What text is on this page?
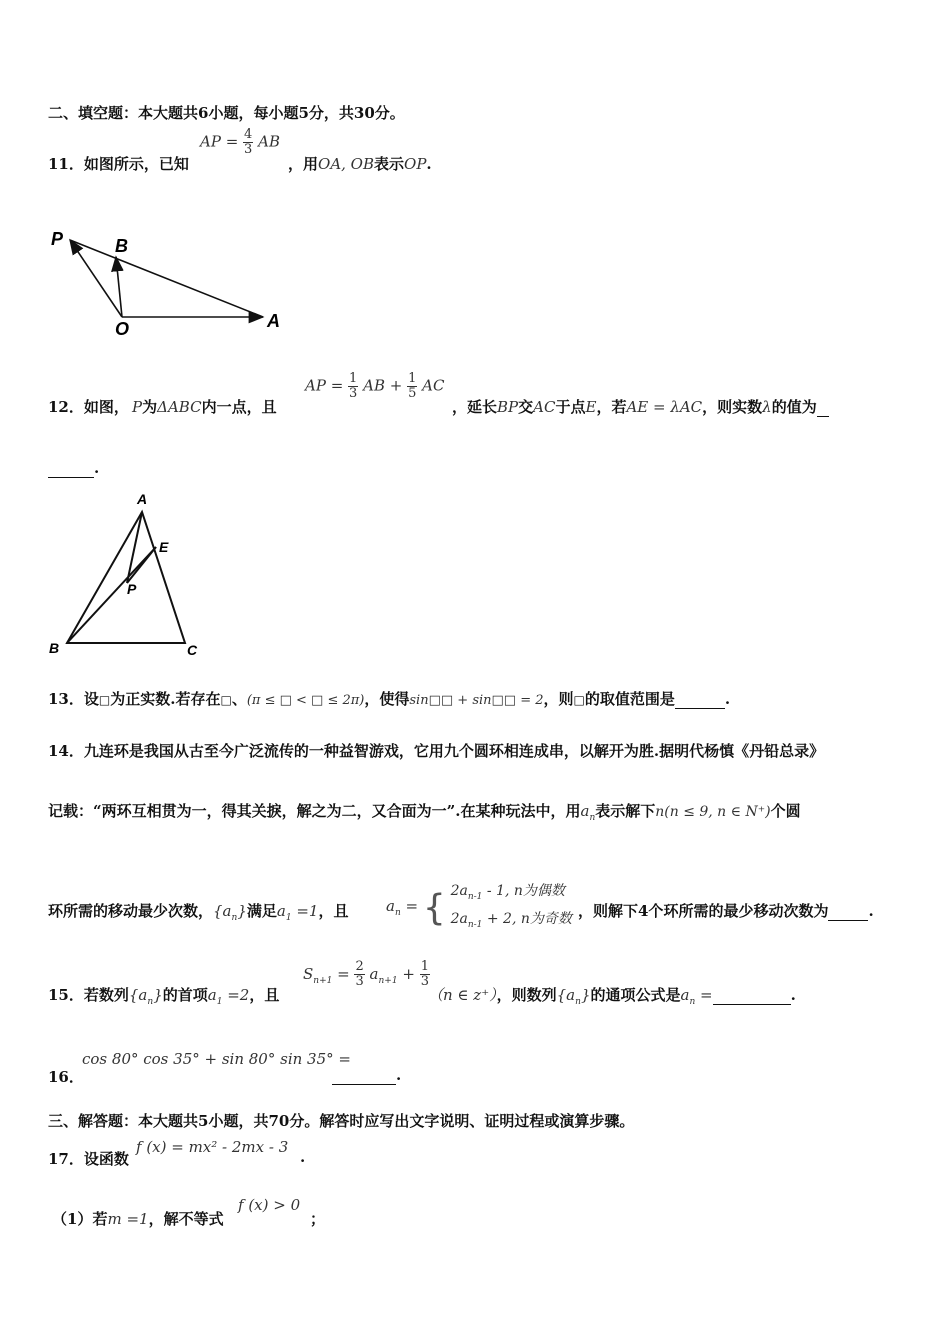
二、填空题：本大题共6小题，每小题5分，共30分。
11．如图所示，已知
AP = $\frac{4}{3}$ AB
，用OA, OB表示OP.
P	B
O	A
12．如图， P为ΔABC内一点，且
AP = $\frac{1}{3}$ AB + $\frac{1}{5}$ AC
，延长BP交AC于点E，若AE = λAC，则实数λ的值为
.
A
E
P
B	C
13．设□为正实数.若存在□、(π ≤ □ < □ ≤ 2π)，使得sin□□ + sin□□ = 2，则□的取值范围是	.
14．九连环是我国从古至今广泛流传的一种益智游戏，它用九个圆环相连成串，以解开为胜.据明代杨慎《丹铅总录》
记载：“两环互相贯为一，得其关捩，解之为二，又合面为一”.在某种玩法中，用$a_n$表示解下n(n ≤ 9, n ∈ N⁺)个圆
环所需的移动最少次数，$\{a_n\}$满足$a_1 =1$，且	$a_n$ = { $2a_{n-1} - 1$, n为偶数
$2a_{n-1} + 2$, n为奇数 ，则解下4个环所需的最少移动次数为	.
15．若数列$\{a_n\}$的首项$a_1 =2$，且
$S_{n+1} = \frac{2}{3} a_{n+1} + \frac{1}{3}$
（n ∈ z⁺），则数列$\{a_n\}$的通项公式是$a_n$ =	.
16．
cos 80° cos 35° + sin 80° sin 35° =
.
三、解答题：本大题共5小题，共70分。解答时应写出文字说明、证明过程或演算步骤。
17．设函数
f (x) = mx² - 2mx - 3
.
（1）若m =1，解不等式
f (x) > 0
；
